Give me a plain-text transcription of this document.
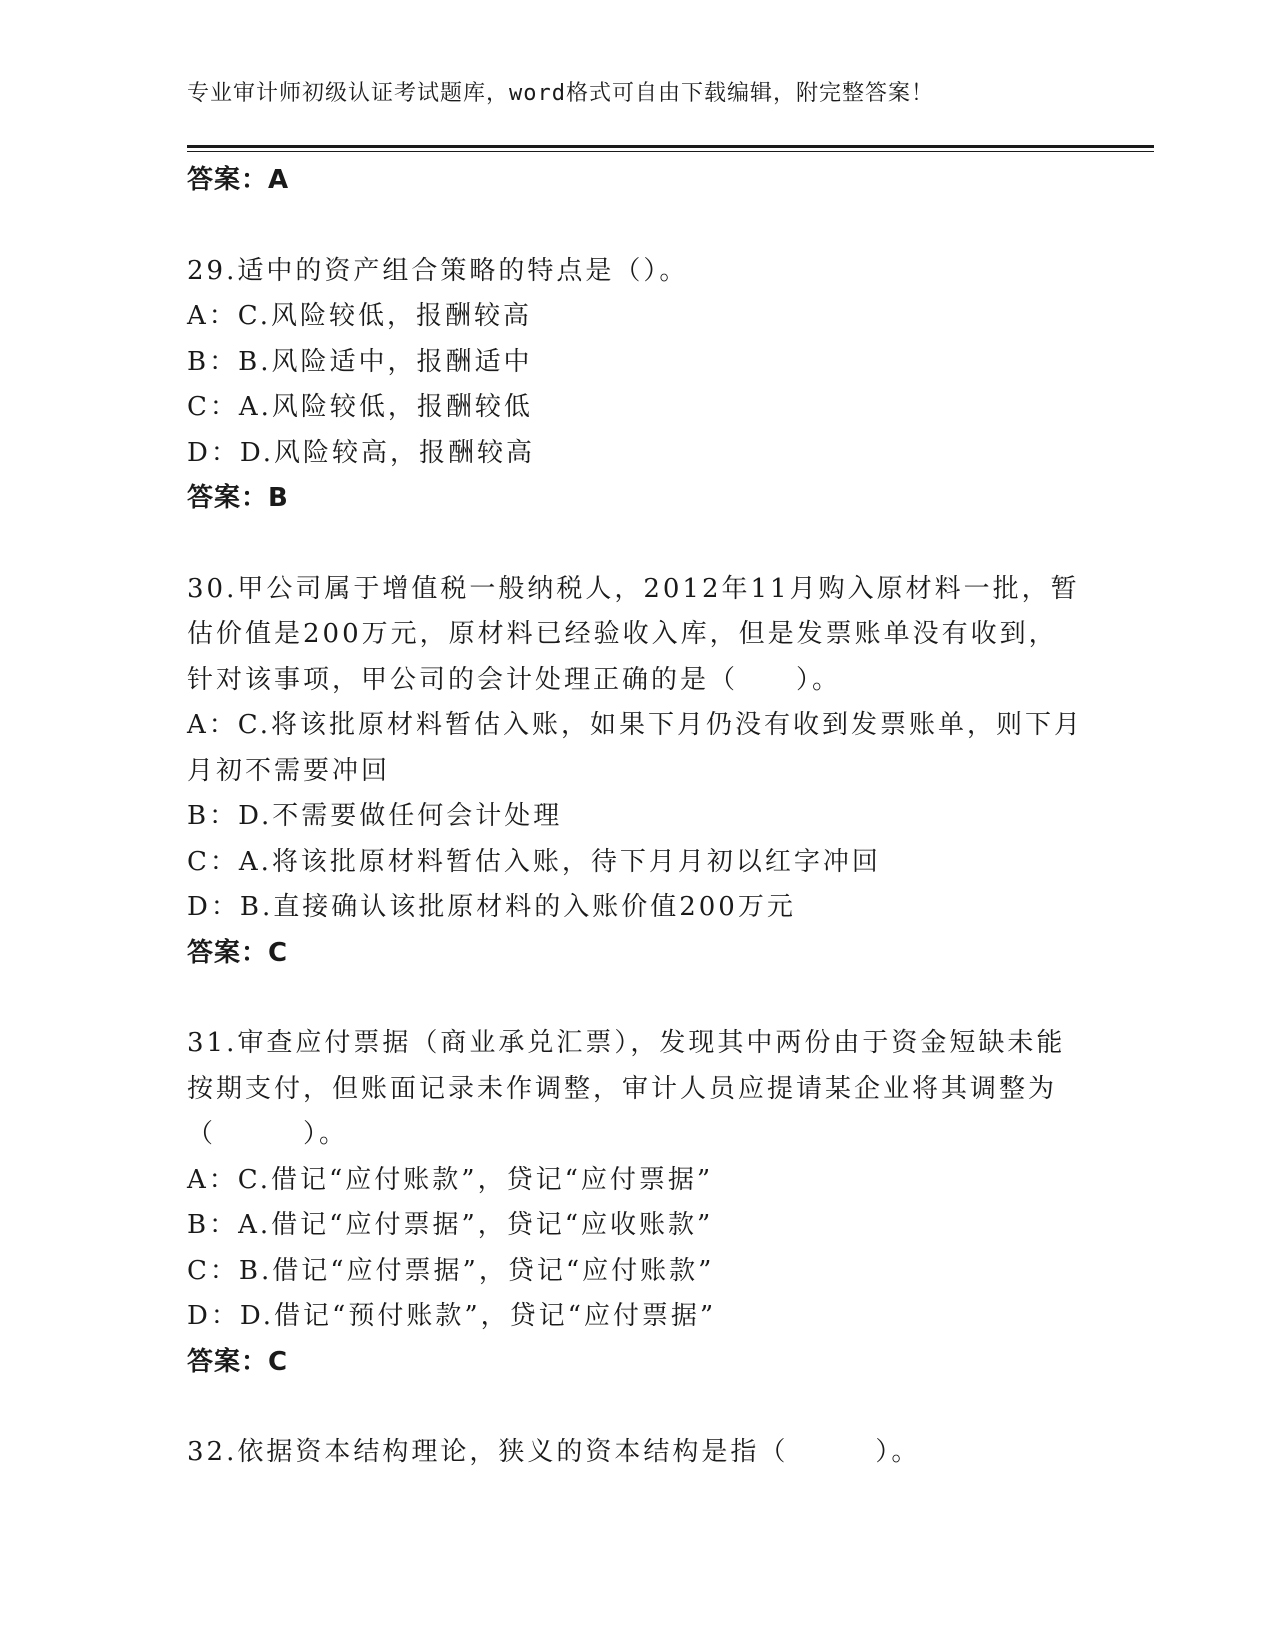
专业审计师初级认证考试题库，word格式可自由下载编辑，附完整答案！
答案：A
29.适中的资产组合策略的特点是（）。
A：C.风险较低，报酬较高
B：B.风险适中，报酬适中
C：A.风险较低，报酬较低
D：D.风险较高，报酬较高
答案：B
30.甲公司属于增值税一般纳税人，2012年11月购入原材料一批，暂
估价值是200万元，原材料已经验收入库，但是发票账单没有收到，
针对该事项，甲公司的会计处理正确的是（　　）。
A：C.将该批原材料暂估入账，如果下月仍没有收到发票账单，则下月
月初不需要冲回
B：D.不需要做任何会计处理
C：A.将该批原材料暂估入账，待下月月初以红字冲回
D：B.直接确认该批原材料的入账价值200万元
答案：C
31.审查应付票据（商业承兑汇票），发现其中两份由于资金短缺未能
按期支付，但账面记录未作调整，审计人员应提请某企业将其调整为
（　　　）。
A：C.借记“应付账款”，贷记“应付票据”
B：A.借记“应付票据”，贷记“应收账款”
C：B.借记“应付票据”，贷记“应付账款”
D：D.借记“预付账款”，贷记“应付票据”
答案：C
32.依据资本结构理论，狭义的资本结构是指（　　　）。
